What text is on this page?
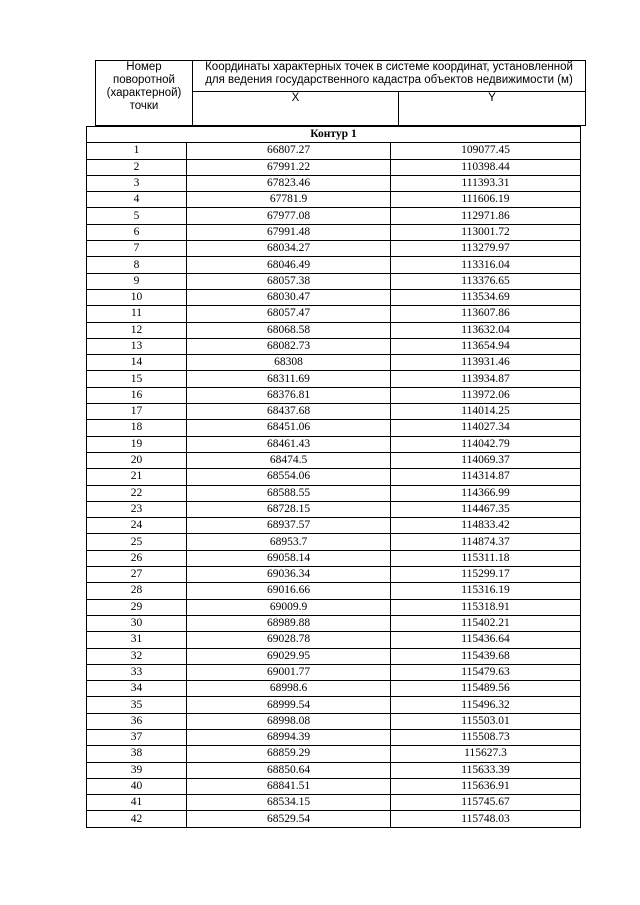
Номер
поворотной
(характерной)
точки	Координаты характерных точек в системе координат, установленной
для ведения государственного кадастра объектов недвижимости (м)	
	X	Y
Контур 1		
1	66807.27	109077.45
2	67991.22	110398.44
3	67823.46	111393.31
4	67781.9	111606.19
5	67977.08	112971.86
6	67991.48	113001.72
7	68034.27	113279.97
8	68046.49	113316.04
9	68057.38	113376.65
10	68030.47	113534.69
11	68057.47	113607.86
12	68068.58	113632.04
13	68082.73	113654.94
14	68308	113931.46
15	68311.69	113934.87
16	68376.81	113972.06
17	68437.68	114014.25
18	68451.06	114027.34
19	68461.43	114042.79
20	68474.5	114069.37
21	68554.06	114314.87
22	68588.55	114366.99
23	68728.15	114467.35
24	68937.57	114833.42
25	68953.7	114874.37
26	69058.14	115311.18
27	69036.34	115299.17
28	69016.66	115316.19
29	69009.9	115318.91
30	68989.88	115402.21
31	69028.78	115436.64
32	69029.95	115439.68
33	69001.77	115479.63
34	68998.6	115489.56
35	68999.54	115496.32
36	68998.08	115503.01
37	68994.39	115508.73
38	68859.29	115627.3
39	68850.64	115633.39
40	68841.51	115636.91
41	68534.15	115745.67
42	68529.54	115748.03
